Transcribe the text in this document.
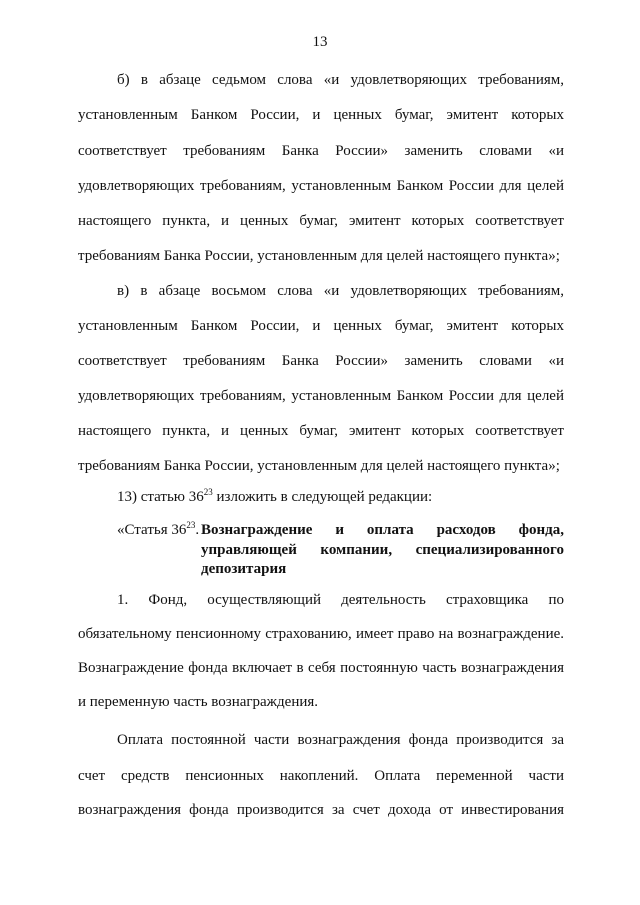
13
б) в абзаце седьмом слова «и удовлетворяющих требованиям,
установленным Банком России, и ценных бумаг, эмитент которых
соответствует требованиям Банка России» заменить словами «и
удовлетворяющих требованиям, установленным Банком России для целей
настоящего пункта, и ценных бумаг, эмитент которых соответствует
требованиям Банка России, установленным для целей настоящего пункта»;
в) в абзаце восьмом слова «и удовлетворяющих требованиям,
установленным Банком России, и ценных бумаг, эмитент которых
соответствует требованиям Банка России» заменить словами «и
удовлетворяющих требованиям, установленным Банком России для целей
настоящего пункта, и ценных бумаг, эмитент которых соответствует
требованиям Банка России, установленным для целей настоящего пункта»;
13) статью $36^{23}$ изложить в следующей редакции:
«Статья $36^{23}$. Вознаграждение и оплата расходов фонда,
управляющей компании, специализированного
депозитария
1. Фонд, осуществляющий деятельность страховщика по
обязательному пенсионному страхованию, имеет право на вознаграждение.
Вознаграждение фонда включает в себя постоянную часть вознаграждения
и переменную часть вознаграждения.
Оплата постоянной части вознаграждения фонда производится за
счет средств пенсионных накоплений. Оплата переменной части
вознаграждения фонда производится за счет дохода от инвестирования
